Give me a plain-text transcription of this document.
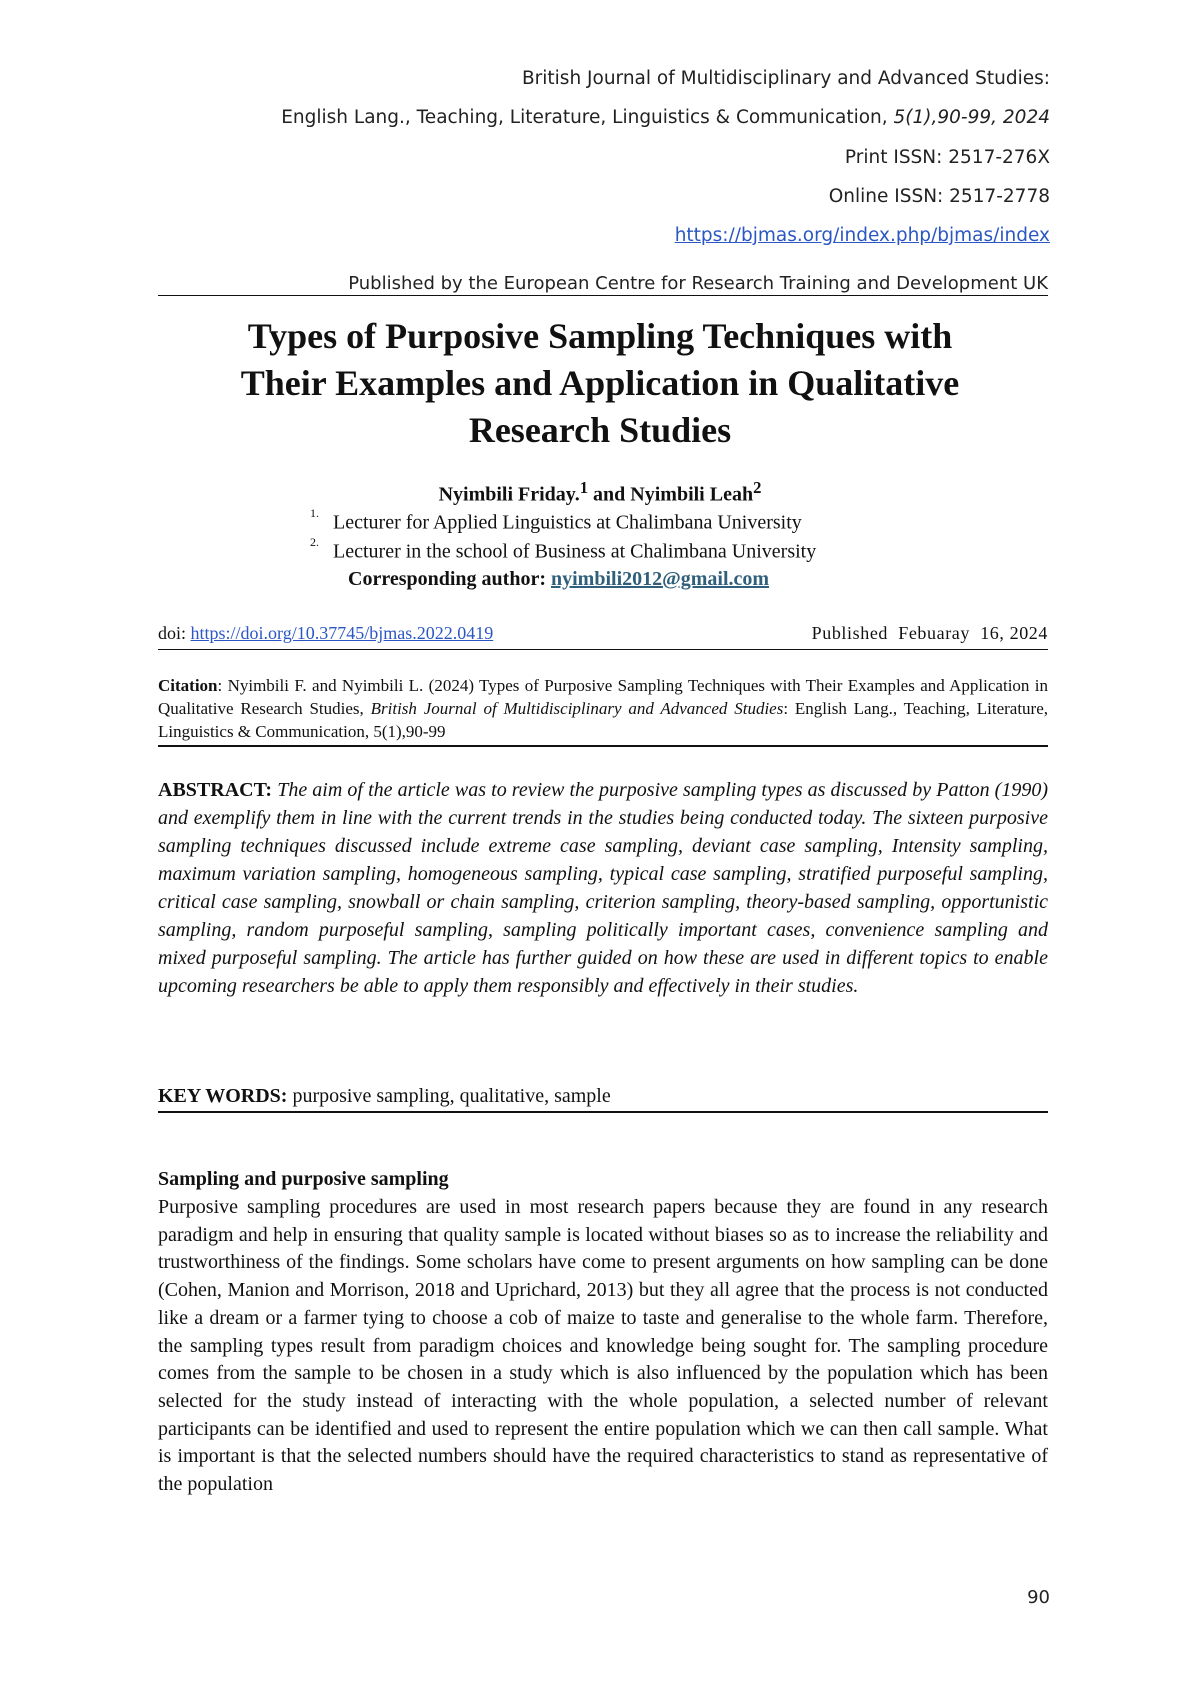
British Journal of Multidisciplinary and Advanced Studies:
English Lang., Teaching, Literature, Linguistics & Communication, 5(1),90-99, 2024
Print ISSN: 2517-276X
Online ISSN: 2517-2778
https://bjmas.org/index.php/bjmas/index
Published by the European Centre for Research Training and Development UK
Types of Purposive Sampling Techniques with
Their Examples and Application in Qualitative
Research Studies
Nyimbili Friday.$^1$ and Nyimbili Leah$^2$
$^{1.}$ Lecturer for Applied Linguistics at Chalimbana University
$^{2.}$ Lecturer in the school of Business at Chalimbana University
Corresponding author: nyimbili2012@gmail.com
doi: https://doi.org/10.37745/bjmas.2022.0419	Published  Febuaray  16, 2024
Citation: Nyimbili F. and Nyimbili L. (2024) Types of Purposive Sampling Techniques with Their Examples and Application in Qualitative Research Studies, British Journal of Multidisciplinary and Advanced Studies: English Lang., Teaching, Literature, Linguistics & Communication, 5(1),90-99
ABSTRACT: The aim of the article was to review the purposive sampling types as discussed by Patton (1990) and exemplify them in line with the current trends in the studies being conducted today. The sixteen purposive sampling techniques discussed include extreme case sampling, deviant case sampling, Intensity sampling, maximum variation sampling, homogeneous sampling, typical case sampling, stratified purposeful sampling, critical case sampling, snowball or chain sampling, criterion sampling, theory-based sampling, opportunistic sampling, random purposeful sampling, sampling politically important cases, convenience sampling and mixed purposeful sampling. The article has further guided on how these are used in different topics to enable upcoming researchers be able to apply them responsibly and effectively in their studies.
KEY WORDS: purposive sampling, qualitative, sample
Sampling and purposive sampling
Purposive sampling procedures are used in most research papers because they are found in any research paradigm and help in ensuring that quality sample is located without biases so as to increase the reliability and trustworthiness of the findings. Some scholars have come to present arguments on how sampling can be done (Cohen, Manion and Morrison, 2018 and Uprichard, 2013) but they all agree that the process is not conducted like a dream or a farmer tying to choose a cob of maize to taste and generalise to the whole farm. Therefore, the sampling types result from paradigm choices and knowledge being sought for. The sampling procedure comes from the sample to be chosen in a study which is also influenced by the population which has been selected for the study instead of interacting with the whole population, a selected number of relevant participants can be identified and used to represent the entire population which we can then call sample. What is important is that the selected numbers should have the required characteristics to stand as representative of the population
90
